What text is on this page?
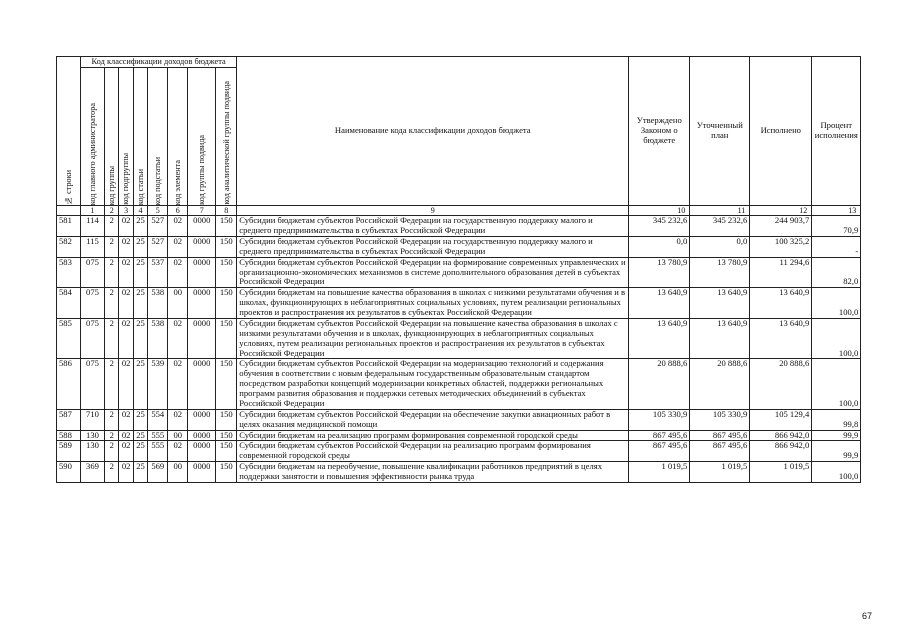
№ строки	Код классификации доходов бюджета								Наименование кода классификации доходов бюджета	Утверждено Законом о бюджете	Уточненный план	Исполнено	Процент исполнения

	код главного администратора	код группы	код подгруппы	код статьи	код подстатьи	код элемента	код группы подвида	код аналитической группы подвида					

	1	2	3	4	5	6	7	8	9	10	11	12	13
581	114	2	02	25	527	02	0000	150	Субсидии бюджетам субъектов Российской Федерации на государственную поддержку малого и среднего предпринимательства в субъектах Российской Федерации	345 232,6	345 232,6	244 903,7	70,9
582	115	2	02	25	527	02	0000	150	Субсидии бюджетам субъектов Российской Федерации на государственную поддержку малого и среднего предпринимательства в субъектах Российской Федерации	0,0	0,0	100 325,2	-
583	075	2	02	25	537	02	0000	150	Субсидии бюджетам субъектов Российской Федерации на формирование современных управленческих и организационно-экономических механизмов в системе дополнительного образования детей в субъектах Российской Федерации	13 780,9	13 780,9	11 294,6	82,0
584	075	2	02	25	538	00	0000	150	Субсидии бюджетам на повышение качества образования в школах с низкими результатами обучения и в школах, функционирующих в неблагоприятных социальных условиях, путем реализации региональных проектов и распространения их результатов в субъектах Российской Федерации	13 640,9	13 640,9	13 640,9	100,0
585	075	2	02	25	538	02	0000	150	Субсидии бюджетам субъектов Российской Федерации на повышение качества образования в школах с низкими результатами обучения и в школах, функционирующих в неблагоприятных социальных условиях, путем реализации региональных проектов и распространения их результатов в субъектах Российской Федерации	13 640,9	13 640,9	13 640,9	100,0
586	075	2	02	25	539	02	0000	150	Субсидии бюджетам субъектов Российской Федерации на модернизацию технологий и содержания обучения в соответствии с новым федеральным государственным образовательным стандартом посредством разработки концепций модернизации конкретных областей, поддержки региональных программ развития образования и поддержки сетевых методических объединений в субъектах Российской Федерации	20 888,6	20 888,6	20 888,6	100,0
587	710	2	02	25	554	02	0000	150	Субсидии бюджетам субъектов Российской Федерации на обеспечение закупки авиационных работ в целях оказания медицинской помощи	105 330,9	105 330,9	105 129,4	99,8
588	130	2	02	25	555	00	0000	150	Субсидии бюджетам на реализацию программ формирования современной городской среды	867 495,6	867 495,6	866 942,0	99,9
589	130	2	02	25	555	02	0000	150	Субсидии бюджетам субъектов Российской Федерации на реализацию программ формирования современной городской среды	867 495,6	867 495,6	866 942,0	99,9
590	369	2	02	25	569	00	0000	150	Субсидии бюджетам на переобучение, повышение квалификации работников предприятий в целях поддержки занятости и повышения эффективности рынка труда	1 019,5	1 019,5	1 019,5	100,0
67
